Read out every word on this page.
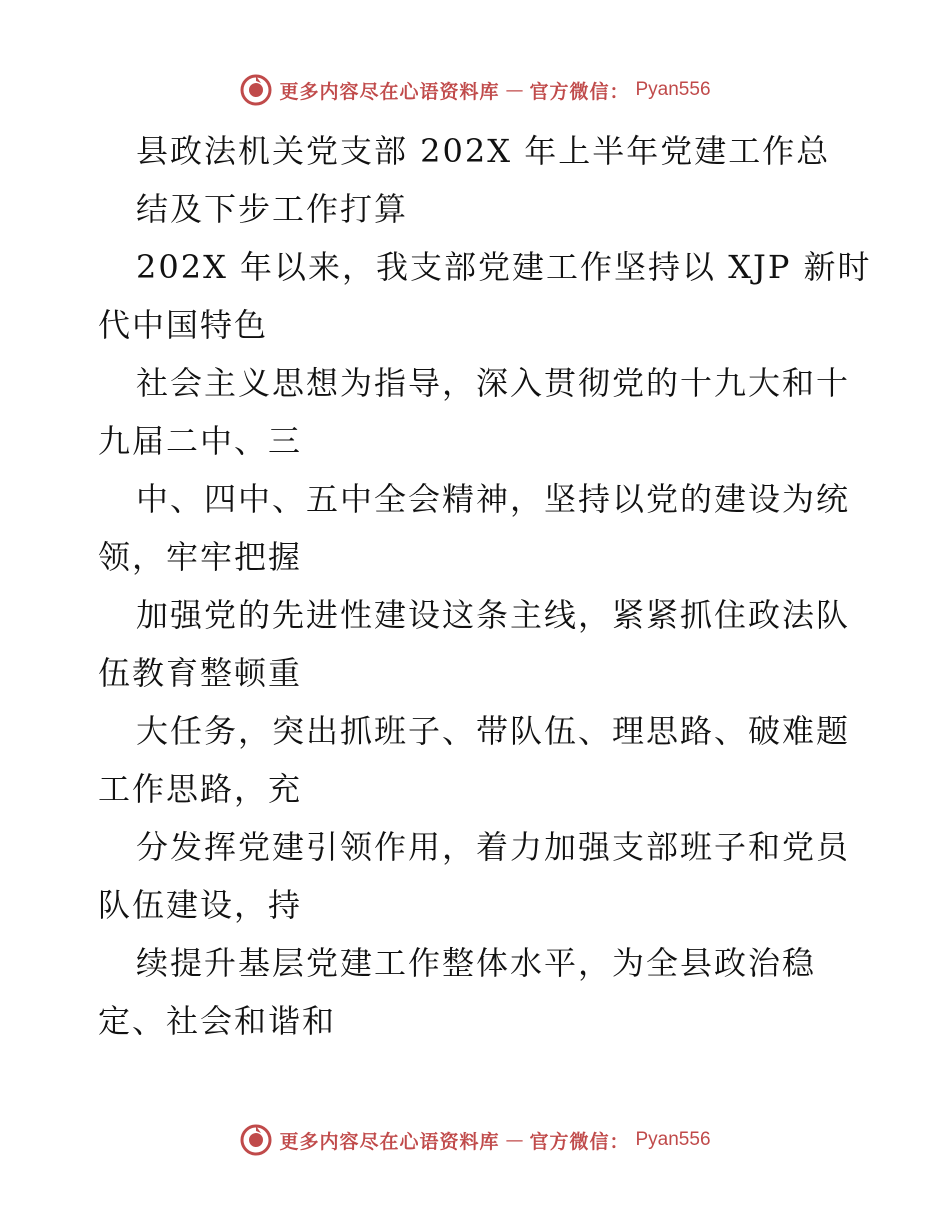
更多内容尽在心语资料库 — 官方微信： Pyan556
县政法机关党支部 202X 年上半年党建工作总
结及下步工作打算
202X 年以来，我支部党建工作坚持以 XJP 新时
代中国特色
社会主义思想为指导，深入贯彻党的十九大和十
九届二中、三
中、四中、五中全会精神，坚持以党的建设为统
领，牢牢把握
加强党的先进性建设这条主线，紧紧抓住政法队
伍教育整顿重
大任务，突出抓班子、带队伍、理思路、破难题
工作思路，充
分发挥党建引领作用，着力加强支部班子和党员
队伍建设，持
续提升基层党建工作整体水平，为全县政治稳
定、社会和谐和
更多内容尽在心语资料库 — 官方微信： Pyan556
